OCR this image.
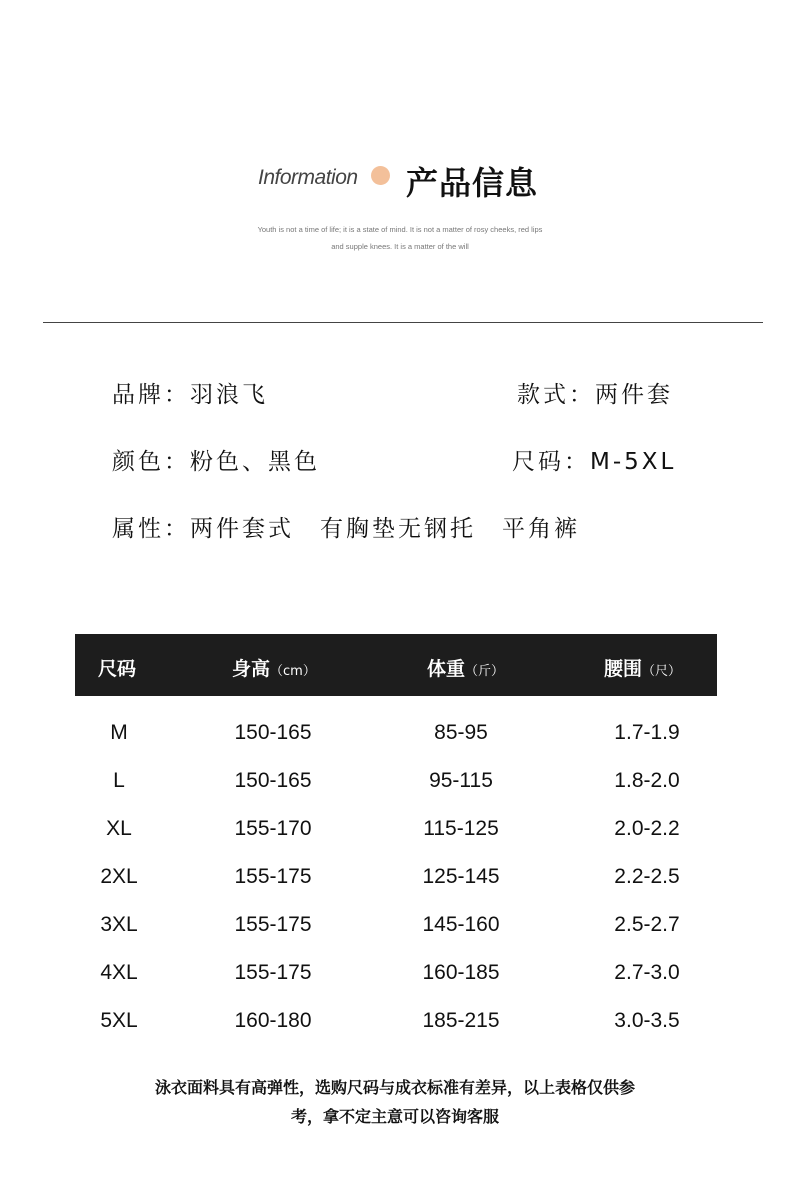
Information 产品信息
Youth is not a time of life; it is a state of mind. It is not a matter of rosy cheeks, red lips
and supple knees. It is a matter of the will
品牌：羽浪飞	款式：两件套
颜色：粉色、黑色	尺码：M-5XL
属性：两件套式　有胸垫无钢托　平角裤
尺码	身高（cm）	体重（斤）	腰围（尺）
M	150-165	85-95	1.7-1.9
L	150-165	95-115	1.8-2.0
XL	155-170	115-125	2.0-2.2
2XL	155-175	125-145	2.2-2.5
3XL	155-175	145-160	2.5-2.7
4XL	155-175	160-185	2.7-3.0
5XL	160-180	185-215	3.0-3.5
泳衣面料具有高弹性，选购尺码与成衣标准有差异，以上表格仅供参
考，拿不定主意可以咨询客服
